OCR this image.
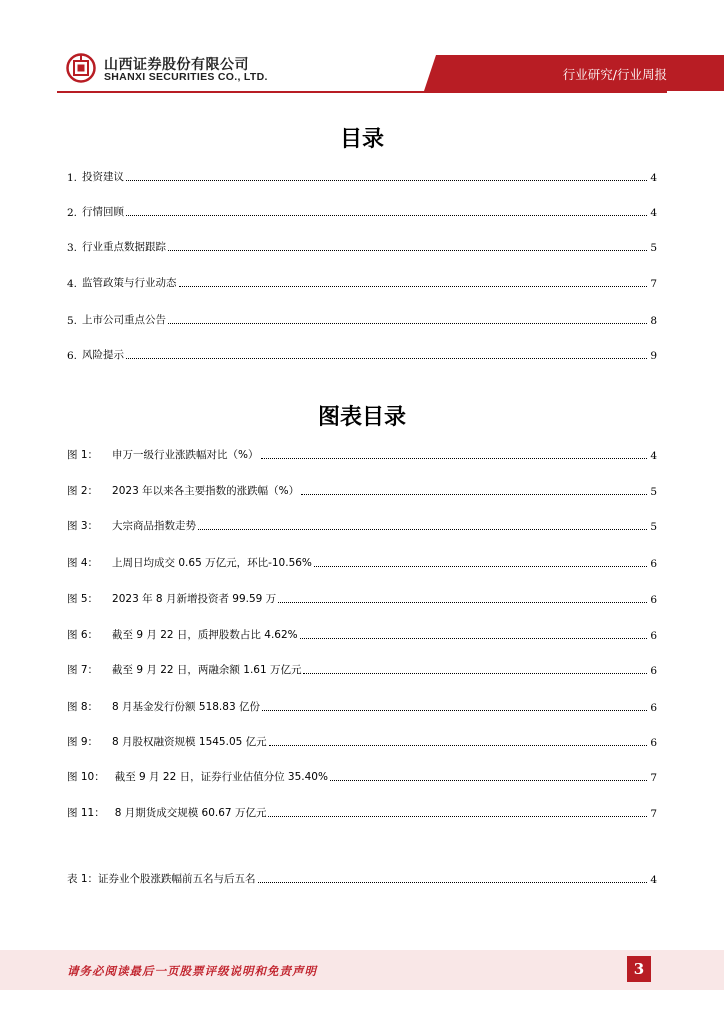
山西证券股份有限公司
SHANXI SECURITIES CO., LTD.	行业研究/行业周报
目录
1. 投资建议	4
2. 行情回顾	4
3. 行业重点数据跟踪	5
4. 监管政策与行业动态	7
5. 上市公司重点公告	8
6. 风险提示	9
图表目录
图 1： 申万一级行业涨跌幅对比（%）	4
图 2： 2023 年以来各主要指数的涨跌幅（%）	5
图 3： 大宗商品指数走势	5
图 4： 上周日均成交 0.65 万亿元，环比-10.56%	6
图 5： 2023 年 8 月新增投资者 99.59 万	6
图 6： 截至 9 月 22 日，质押股数占比 4.62%	6
图 7： 截至 9 月 22 日，两融余额 1.61 万亿元	6
图 8： 8 月基金发行份额 518.83 亿份	6
图 9： 8 月股权融资规模 1545.05 亿元	6
图 10： 截至 9 月 22 日，证券行业估值分位 35.40%	7
图 11： 8 月期货成交规模 60.67 万亿元	7
表 1： 证券业个股涨跌幅前五名与后五名	4
请务必阅读最后一页股票评级说明和免责声明	3
